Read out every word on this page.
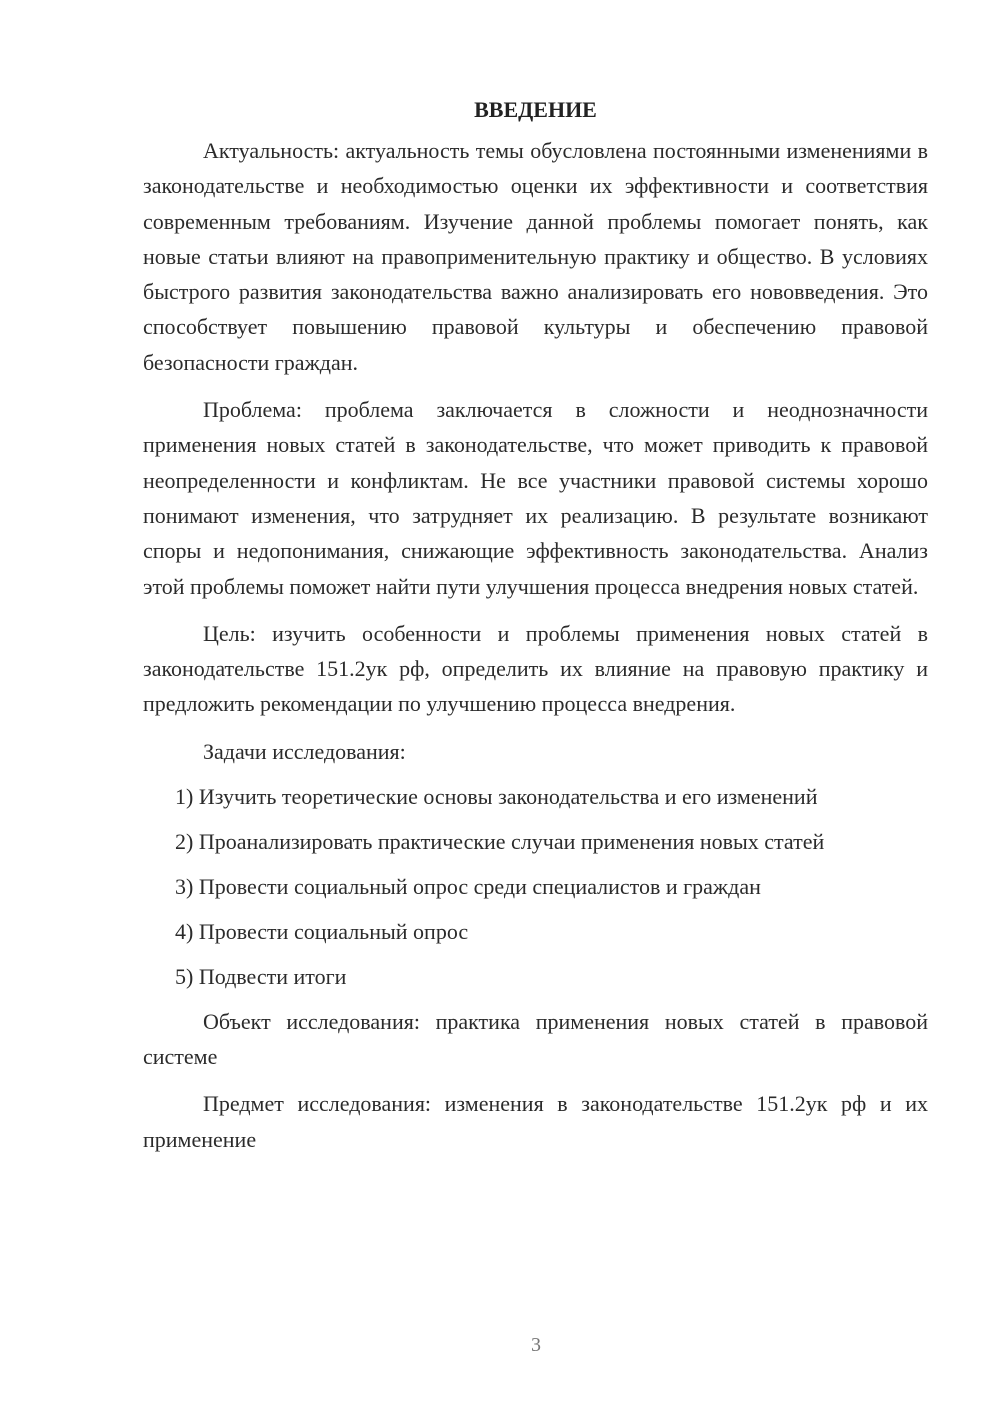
ВВЕДЕНИЕ

Актуальность: актуальность темы обусловлена постоянными изменениями в законодательстве и необходимостью оценки их эффективности и соответствия современным требованиям. Изучение данной проблемы помогает понять, как новые статьи влияют на правоприменительную практику и общество. В условиях быстрого развития законодательства важно анализировать его нововведения. Это способствует повышению правовой культуры и обеспечению правовой безопасности граждан.

Проблема: проблема заключается в сложности и неоднозначности применения новых статей в законодательстве, что может приводить к правовой неопределенности и конфликтам. Не все участники правовой системы хорошо понимают изменения, что затрудняет их реализацию. В результате возникают споры и недопонимания, снижающие эффективность законодательства. Анализ этой проблемы поможет найти пути улучшения процесса внедрения новых статей.

Цель: изучить особенности и проблемы применения новых статей в законодательстве 151.2ук рф, определить их влияние на правовую практику и предложить рекомендации по улучшению процесса внедрения.

Задачи исследования:
1) Изучить теоретические основы законодательства и его изменений
2) Проанализировать практические случаи применения новых статей
3) Провести социальный опрос среди специалистов и граждан
4) Провести социальный опрос
5) Подвести итоги

Объект исследования: практика применения новых статей в правовой системе

Предмет исследования: изменения в законодательстве 151.2ук рф и их применение

3
